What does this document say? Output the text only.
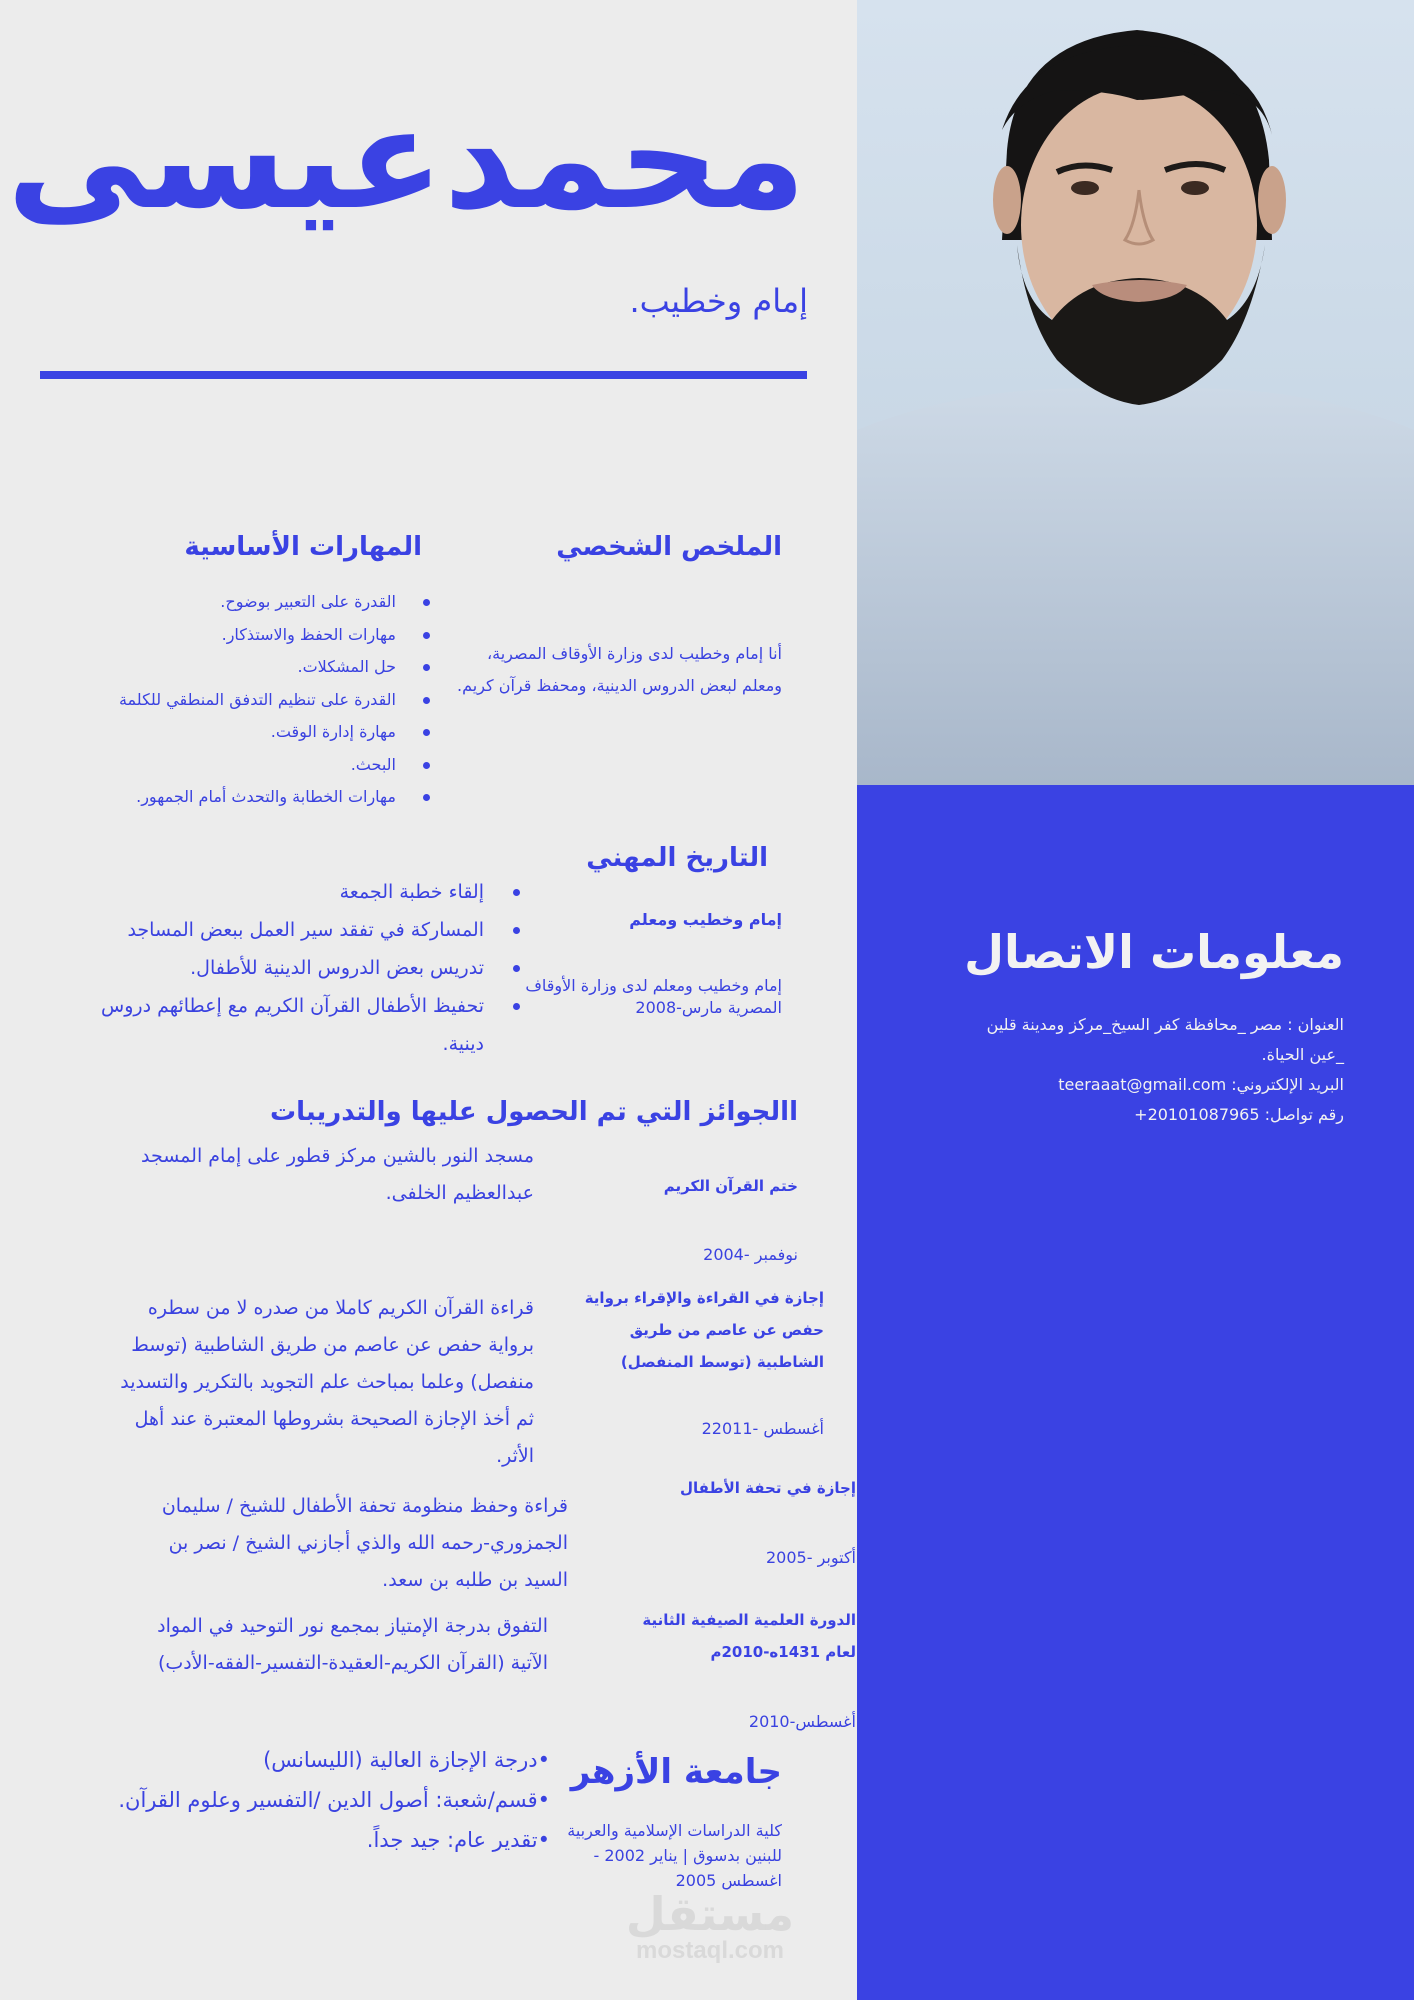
محمدعيسى
إمام وخطيب.
معلومات الاتصال
العنوان : مصر _محافظة كفر السيخ_مركز ومدينة قلين _عين الحياة.
البريد الإلكتروني: teeraaat@gmail.com
رقم تواصل: 20101087965+
الملخص الشخصي
أنا إمام وخطيب لدى وزارة الأوقاف المصرية، ومعلم لبعض الدروس الدينية، ومحفظ قرآن كريم.
المهارات الأساسية
القدرة على التعبير بوضوح.
مهارات الحفظ والاستذكار.
حل المشكلات.
القدرة على تنظيم التدفق المنطقي للكلمة
مهارة إدارة الوقت.
البحث.
مهارات الخطابة والتحدث أمام الجمهور.
التاريخ المهني
إمام وخطيب ومعلم
إمام وخطيب ومعلم لدى وزارة الأوقاف المصرية مارس-2008
إلقاء خطبة الجمعة
المساركة في تفقد سير العمل ببعض المساجد
تدريس بعض الدروس الدينية للأطفال.
تحفيظ الأطفال القرآن الكريم مع إعطائهم دروس دينية.
االجوائز التي تم الحصول عليها والتدريبات
ختم القرآن الكريم
نوفمبر -2004
مسجد النور بالشين مركز قطور على إمام المسجد عبدالعظيم الخلفى.
إجازة في القراءة والإقراء برواية حفص عن عاصم من طريق الشاطبية (توسط المنفصل)
أغسطس -22011
قراءة القرآن الكريم كاملا من صدره لا من سطره برواية حفص عن عاصم من طريق الشاطبية (توسط منفصل) وعلما بمباحث علم التجويد بالتكرير والتسديد ثم أخذ الإجازة الصحيحة بشروطها المعتبرة عند أهل الأثر.
إجازة في تحفة الأطفال
أكتوبر -2005
قراءة وحفظ منظومة تحفة الأطفال للشيخ / سليمان الجمزوري-رحمه الله والذي أجازني الشيخ / نصر بن السيد بن طلبه بن سعد.
الدورة العلمية الصيفية الثانية لعام 1431ه-2010م
أغسطس-2010
التفوق بدرجة الإمتياز بمجمع نور التوحيد في المواد الآتية (القرآن الكريم-العقيدة-التفسير-الفقه-الأدب)
جامعة الأزهر
كلية الدراسات الإسلامية والعربية للبنين بدسوق | يناير 2002 - اغسطس 2005
•درجة الإجازة العالية (الليسانس)
•قسم/شعبة: أصول الدين /التفسير وعلوم القرآن.
•تقدير عام: جيد جداً.
مستقل
mostaql.com
